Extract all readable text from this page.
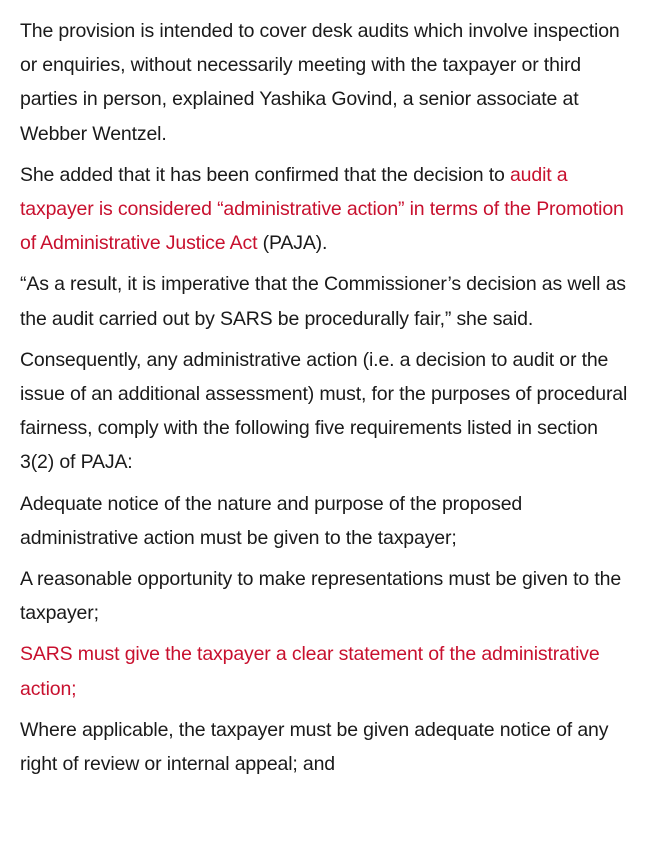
The provision is intended to cover desk audits which involve inspection or enquiries, without necessarily meeting with the taxpayer or third parties in person, explained Yashika Govind, a senior associate at Webber Wentzel.

She added that it has been confirmed that the decision to audit a taxpayer is considered “administrative action” in terms of the Promotion of Administrative Justice Act (PAJA).

“As a result, it is imperative that the Commissioner’s decision as well as the audit carried out by SARS be procedurally fair,” she said.

Consequently, any administrative action (i.e. a decision to audit or the issue of an additional assessment) must, for the purposes of procedural fairness, comply with the following five requirements listed in section 3(2) of PAJA:

Adequate notice of the nature and purpose of the proposed administrative action must be given to the taxpayer;

A reasonable opportunity to make representations must be given to the taxpayer;

SARS must give the taxpayer a clear statement of the administrative action;

Where applicable, the taxpayer must be given adequate notice of any right of review or internal appeal; and
